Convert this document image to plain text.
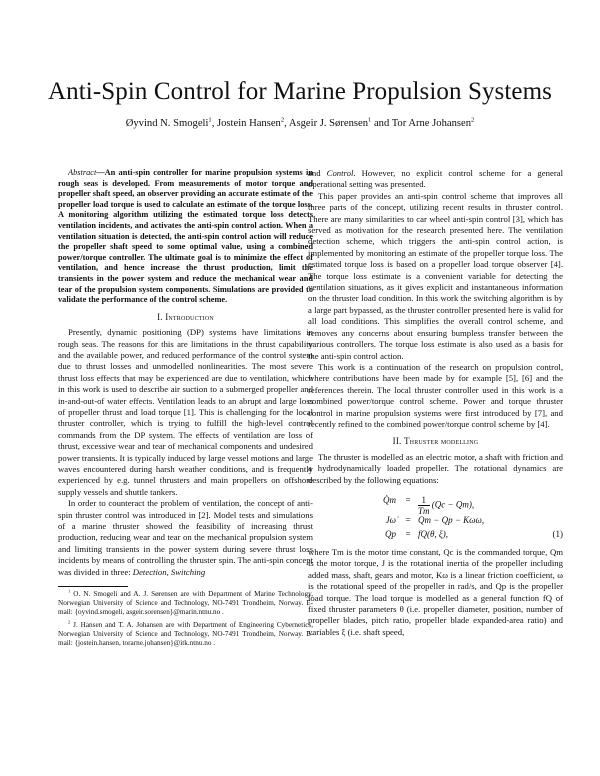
Anti-Spin Control for Marine Propulsion Systems
Øyvind N. Smogeli$^1$, Jostein Hansen$^2$, Asgeir J. Sørensen$^1$ and Tor Arne Johansen$^2$

Abstract—An anti-spin controller for marine propulsion systems in rough seas is developed. From measurements of motor torque and propeller shaft speed, an observer providing an accurate estimate of the propeller load torque is used to calculate an estimate of the torque loss. A monitoring algorithm utilizing the estimated torque loss detects ventilation incidents, and activates the anti-spin control action. When a ventilation situation is detected, the anti-spin control action will reduce the propeller shaft speed to some optimal value, using a combined power/torque controller. The ultimate goal is to minimize the effect of ventilation, and hence increase the thrust production, limit the transients in the power system and reduce the mechanical wear and tear of the propulsion system components. Simulations are provided to validate the performance of the control scheme.

I. Introduction

Presently, dynamic positioning (DP) systems have limitations in rough seas. The reasons for this are limitations in the thrust capability and the available power, and reduced performance of the control system due to thrust losses and unmodelled nonlinearities. The most severe thrust loss effects that may be experienced are due to ventilation, which in this work is used to describe air suction to a submerged propeller and in-and-out-of water effects. Ventilation leads to an abrupt and large loss of propeller thrust and load torque [1]. This is challenging for the local thruster controller, which is trying to fulfill the high-level control commands from the DP system. The effects of ventilation are loss of thrust, excessive wear and tear of mechanical components and undesired power transients. It is typically induced by large vessel motions and large waves encountered during harsh weather conditions, and is frequently experienced by e.g. tunnel thrusters and main propellers on offshore supply vessels and shuttle tankers.

In order to counteract the problem of ventilation, the concept of anti-spin thruster control was introduced in [2]. Model tests and simulations of a marine thruster showed the feasibility of increasing thrust production, reducing wear and tear on the mechanical propulsion system and limiting transients in the power system during severe thrust loss incidents by means of controlling the thruster spin. The anti-spin concept was divided in three: Detection, Switching

$^1$ O. N. Smogeli and A. J. Sørensen are with Department of Marine Technology, Norwegian University of Science and Technology, NO-7491 Trondheim, Norway. E-mail: {oyvind.smogeli, asgeir.sorensen}@marin.ntnu.no .

$^2$ J. Hansen and T. A. Johansen are with Department of Engineering Cybernetics, Norwegian University of Science and Technology, NO-7491 Trondheim, Norway. E-mail: {jostein.hansen, torarne.johansen}@itk.ntnu.no .

and Control. However, no explicit control scheme for a general operational setting was presented.

This paper provides an anti-spin control scheme that improves all three parts of the concept, utilizing recent results in thruster control. There are many similarities to car wheel anti-spin control [3], which has served as motivation for the research presented here. The ventilation detection scheme, which triggers the anti-spin control action, is implemented by monitoring an estimate of the propeller torque loss. The estimated torque loss is based on a propeller load torque observer [4]. The torque loss estimate is a convenient variable for detecting the ventilation situations, as it gives explicit and instantaneous information on the thruster load condition. In this work the switching algorithm is by a large part bypassed, as the thruster controller presented here is valid for all load conditions. This simplifies the overall control scheme, and removes any concerns about ensuring bumpless transfer between the various controllers. The torque loss estimate is also used as a basis for the anti-spin control action.

This work is a continuation of the research on propulsion control, where contributions have been made by for example [5], [6] and the references therein. The local thruster controller used in this work is a combined power/torque control scheme. Power and torque thruster control in marine propulsion systems were first introduced by [7], and recently refined to the combined power/torque control scheme by [4].

II. Thruster modelling

The thruster is modelled as an electric motor, a shaft with friction and a hydrodynamically loaded propeller. The rotational dynamics are described by the following equations:

Q̇m	= $\frac{1}{Tm} (Qc - Qm)$,
Jω̇	= Qm − Qp − Kωω,
Qp	= fQ(θ, ξ),	(1)

where Tm is the motor time constant, Qc is the commanded torque, Qm is the motor torque, J is the rotational inertia of the propeller including added mass, shaft, gears and motor, Kω is a linear friction coefficient, ω is the rotational speed of the propeller in rad/s, and Qp is the propeller load torque. The load torque is modelled as a general function fQ of fixed thruster parameters θ (i.e. propeller diameter, position, number of propeller blades, pitch ratio, propeller blade expanded-area ratio) and variables ξ (i.e. shaft speed,
